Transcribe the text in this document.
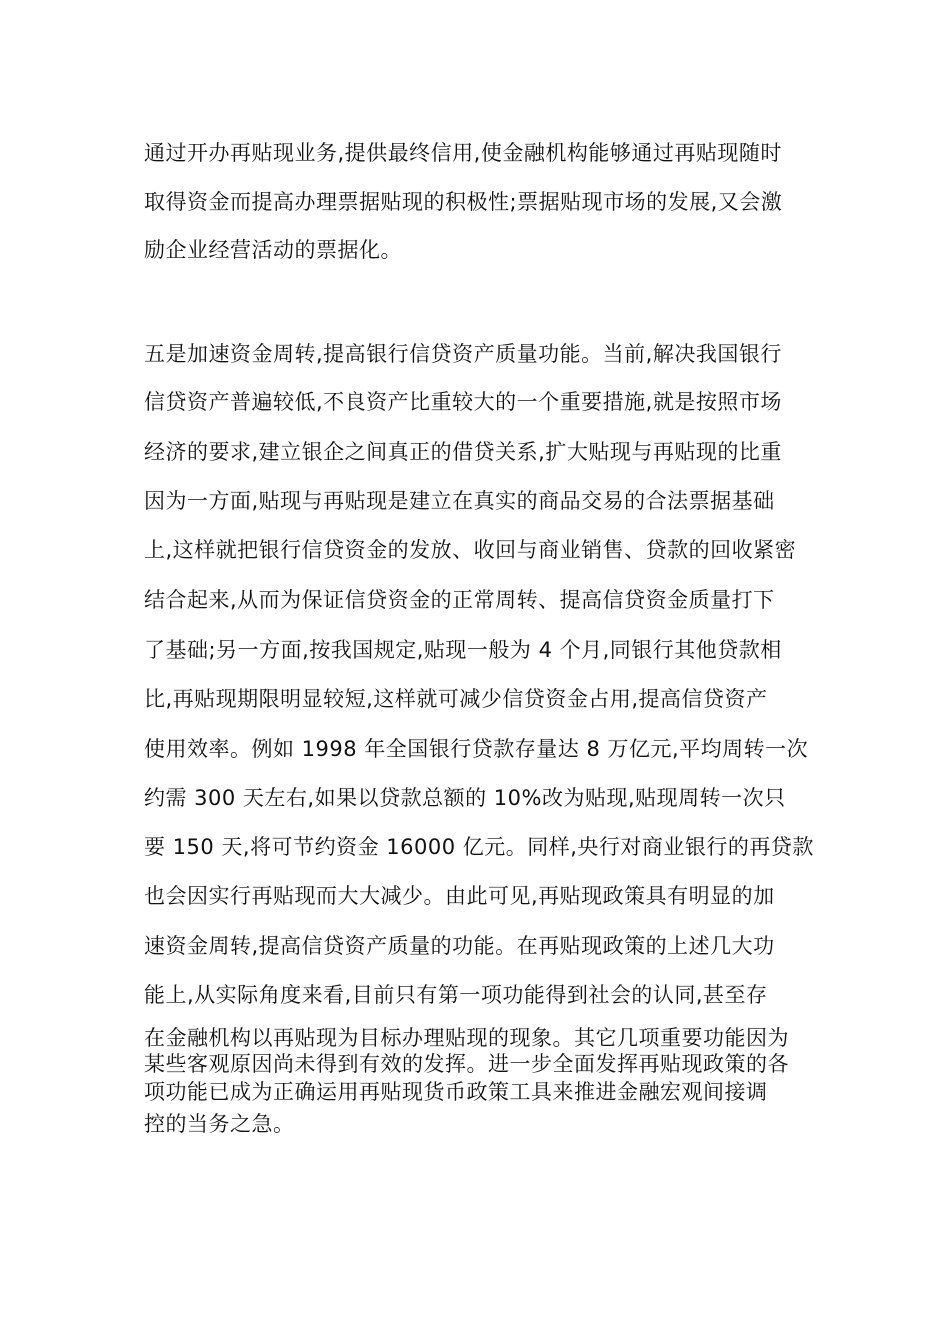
通过开办再贴现业务,提供最终信用,使金融机构能够通过再贴现随时
取得资金而提高办理票据贴现的积极性;票据贴现市场的发展,又会激
励企业经营活动的票据化。
五是加速资金周转,提高银行信贷资产质量功能。当前,解决我国银行
信贷资产普遍较低,不良资产比重较大的一个重要措施,就是按照市场
经济的要求,建立银企之间真正的借贷关系,扩大贴现与再贴现的比重
因为一方面,贴现与再贴现是建立在真实的商品交易的合法票据基础
上,这样就把银行信贷资金的发放、收回与商业销售、贷款的回收紧密
结合起来,从而为保证信贷资金的正常周转、提高信贷资金质量打下
了基础;另一方面,按我国规定,贴现一般为 4 个月,同银行其他贷款相
比,再贴现期限明显较短,这样就可减少信贷资金占用,提高信贷资产
使用效率。例如 1998 年全国银行贷款存量达 8 万亿元,平均周转一次
约需 300 天左右,如果以贷款总额的 10%改为贴现,贴现周转一次只
要 150 天,将可节约资金 16000 亿元。同样,央行对商业银行的再贷款
也会因实行再贴现而大大减少。由此可见,再贴现政策具有明显的加
速资金周转,提高信贷资产质量的功能。在再贴现政策的上述几大功
能上,从实际角度来看,目前只有第一项功能得到社会的认同,甚至存
在金融机构以再贴现为目标办理贴现的现象。其它几项重要功能因为
某些客观原因尚未得到有效的发挥。进一步全面发挥再贴现政策的各
项功能已成为正确运用再贴现货币政策工具来推进金融宏观间接调
控的当务之急。
